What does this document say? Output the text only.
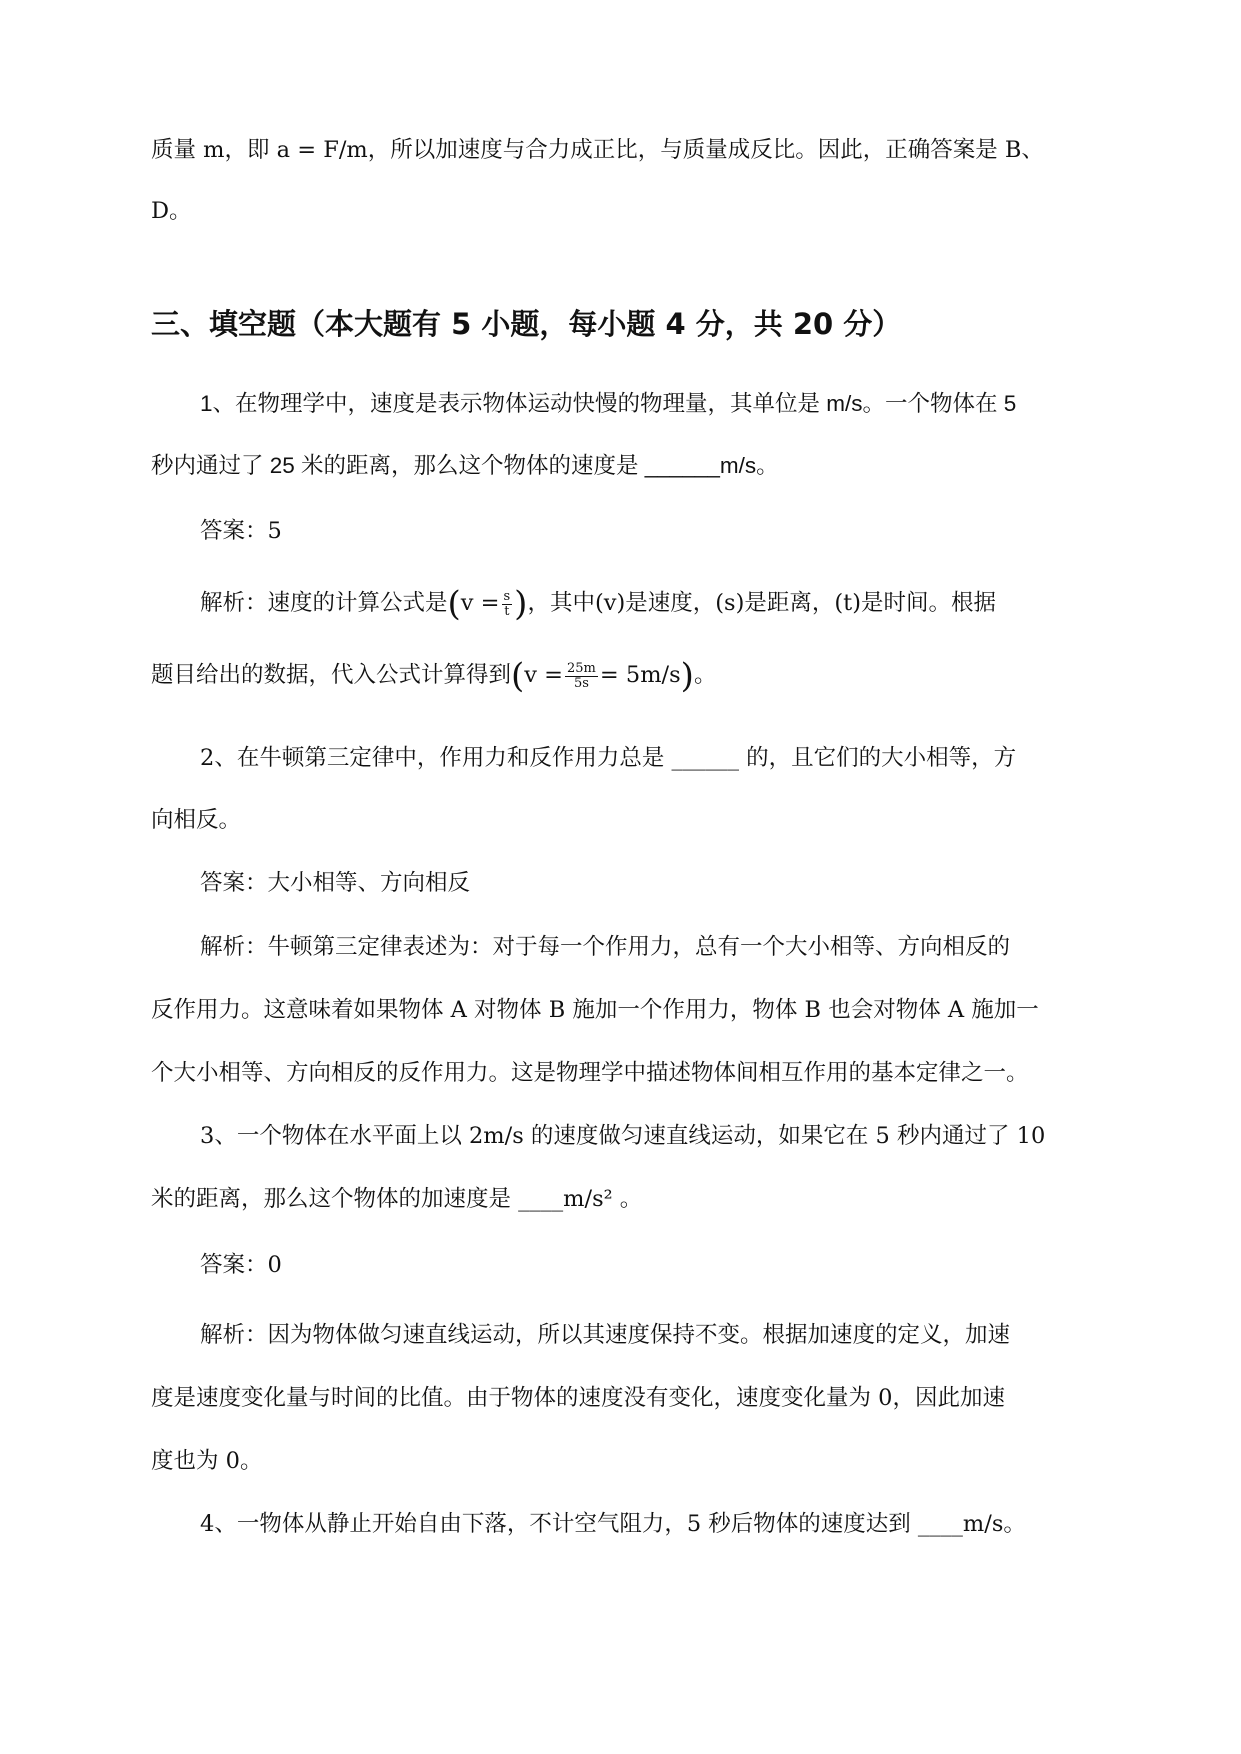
质量 m，即 a = F/m，所以加速度与合力成正比，与质量成反比。因此，正确答案是 B、
D。
三、填空题（本大题有 5 小题，每小题 4 分，共 20 分）
1、在物理学中，速度是表示物体运动快慢的物理量，其单位是 m/s。一个物体在 5
秒内通过了 25 米的距离，那么这个物体的速度是 ______m/s。
答案：5
解析：速度的计算公式是($v = \frac{s}{t}$ )，其中(v)是速度，(s)是距离，(t)是时间。根据
题目给出的数据，代入公式计算得到$(v = \frac{25m}{5s} = 5m/s)$。
2、在牛顿第三定律中，作用力和反作用力总是 ______ 的，且它们的大小相等，方
向相反。
答案：大小相等、方向相反
解析：牛顿第三定律表述为：对于每一个作用力，总有一个大小相等、方向相反的
反作用力。这意味着如果物体 A 对物体 B 施加一个作用力，物体 B 也会对物体 A 施加一
个大小相等、方向相反的反作用力。这是物理学中描述物体间相互作用的基本定律之一。
3、一个物体在水平面上以 2m/s 的速度做匀速直线运动，如果它在 5 秒内通过了 10
米的距离，那么这个物体的加速度是 ____m/s² 。
答案：0
解析：因为物体做匀速直线运动，所以其速度保持不变。根据加速度的定义，加速
度是速度变化量与时间的比值。由于物体的速度没有变化，速度变化量为 0，因此加速
度也为 0。
4、一物体从静止开始自由下落，不计空气阻力，5 秒后物体的速度达到 ____m/s。
